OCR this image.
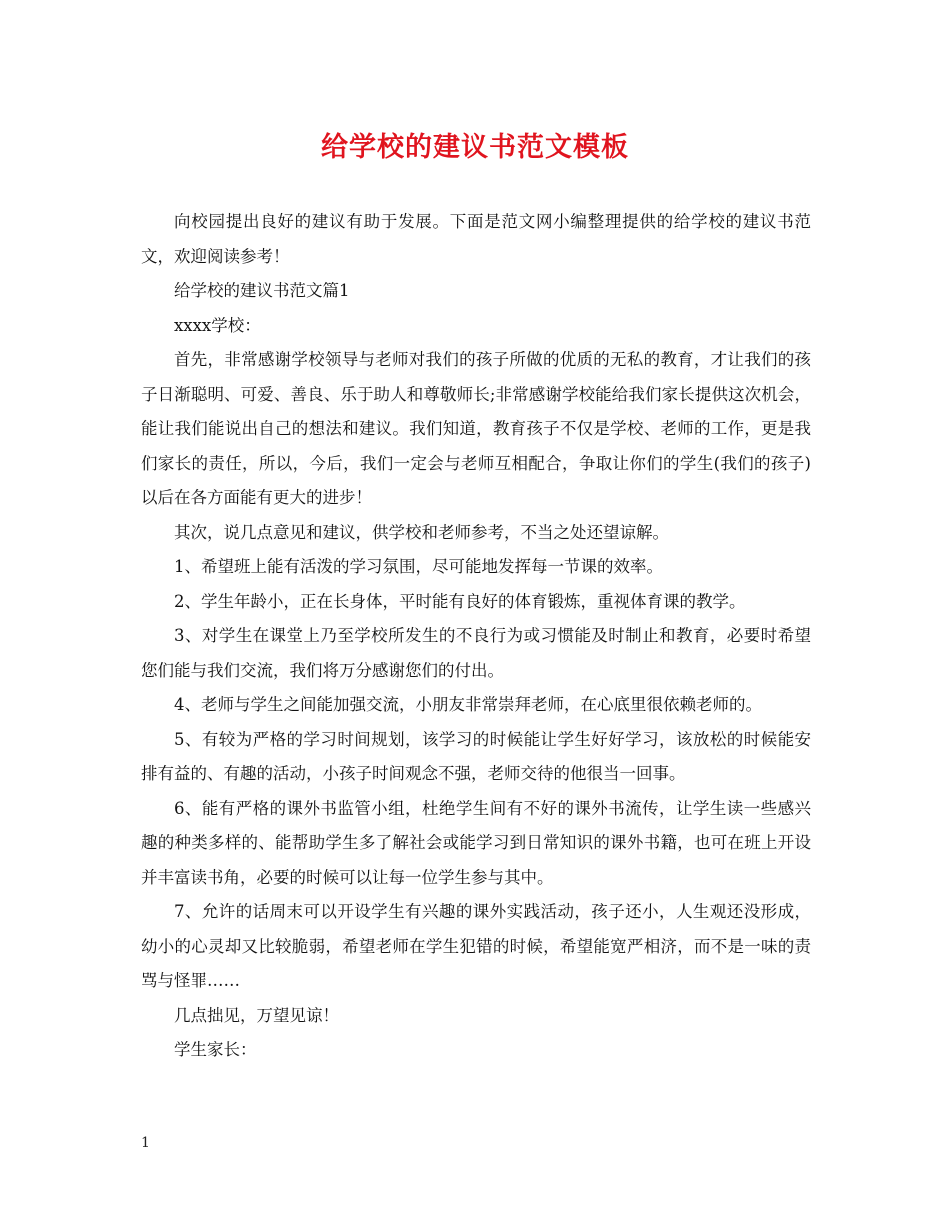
给学校的建议书范文模板

向校园提出良好的建议有助于发展。下面是范文网小编整理提供的给学校的建议书范文，欢迎阅读参考！

给学校的建议书范文篇1

xxxx学校：

首先，非常感谢学校领导与老师对我们的孩子所做的优质的无私的教育，才让我们的孩子日渐聪明、可爱、善良、乐于助人和尊敬师长;非常感谢学校能给我们家长提供这次机会，能让我们能说出自己的想法和建议。我们知道，教育孩子不仅是学校、老师的工作，更是我们家长的责任，所以，今后，我们一定会与老师互相配合，争取让你们的学生(我们的孩子)以后在各方面能有更大的进步！

其次，说几点意见和建议，供学校和老师参考，不当之处还望谅解。

1、希望班上能有活泼的学习氛围，尽可能地发挥每一节课的效率。

2、学生年龄小，正在长身体，平时能有良好的体育锻炼，重视体育课的教学。

3、对学生在课堂上乃至学校所发生的不良行为或习惯能及时制止和教育，必要时希望您们能与我们交流，我们将万分感谢您们的付出。

4、老师与学生之间能加强交流，小朋友非常崇拜老师，在心底里很依赖老师的。

5、有较为严格的学习时间规划，该学习的时候能让学生好好学习，该放松的时候能安排有益的、有趣的活动，小孩子时间观念不强，老师交待的他很当一回事。

6、能有严格的课外书监管小组，杜绝学生间有不好的课外书流传，让学生读一些感兴趣的种类多样的、能帮助学生多了解社会或能学习到日常知识的课外书籍，也可在班上开设并丰富读书角，必要的时候可以让每一位学生参与其中。

7、允许的话周末可以开设学生有兴趣的课外实践活动，孩子还小，人生观还没形成，幼小的心灵却又比较脆弱，希望老师在学生犯错的时候，希望能宽严相济，而不是一味的责骂与怪罪……

几点拙见，万望见谅！

学生家长：

1
